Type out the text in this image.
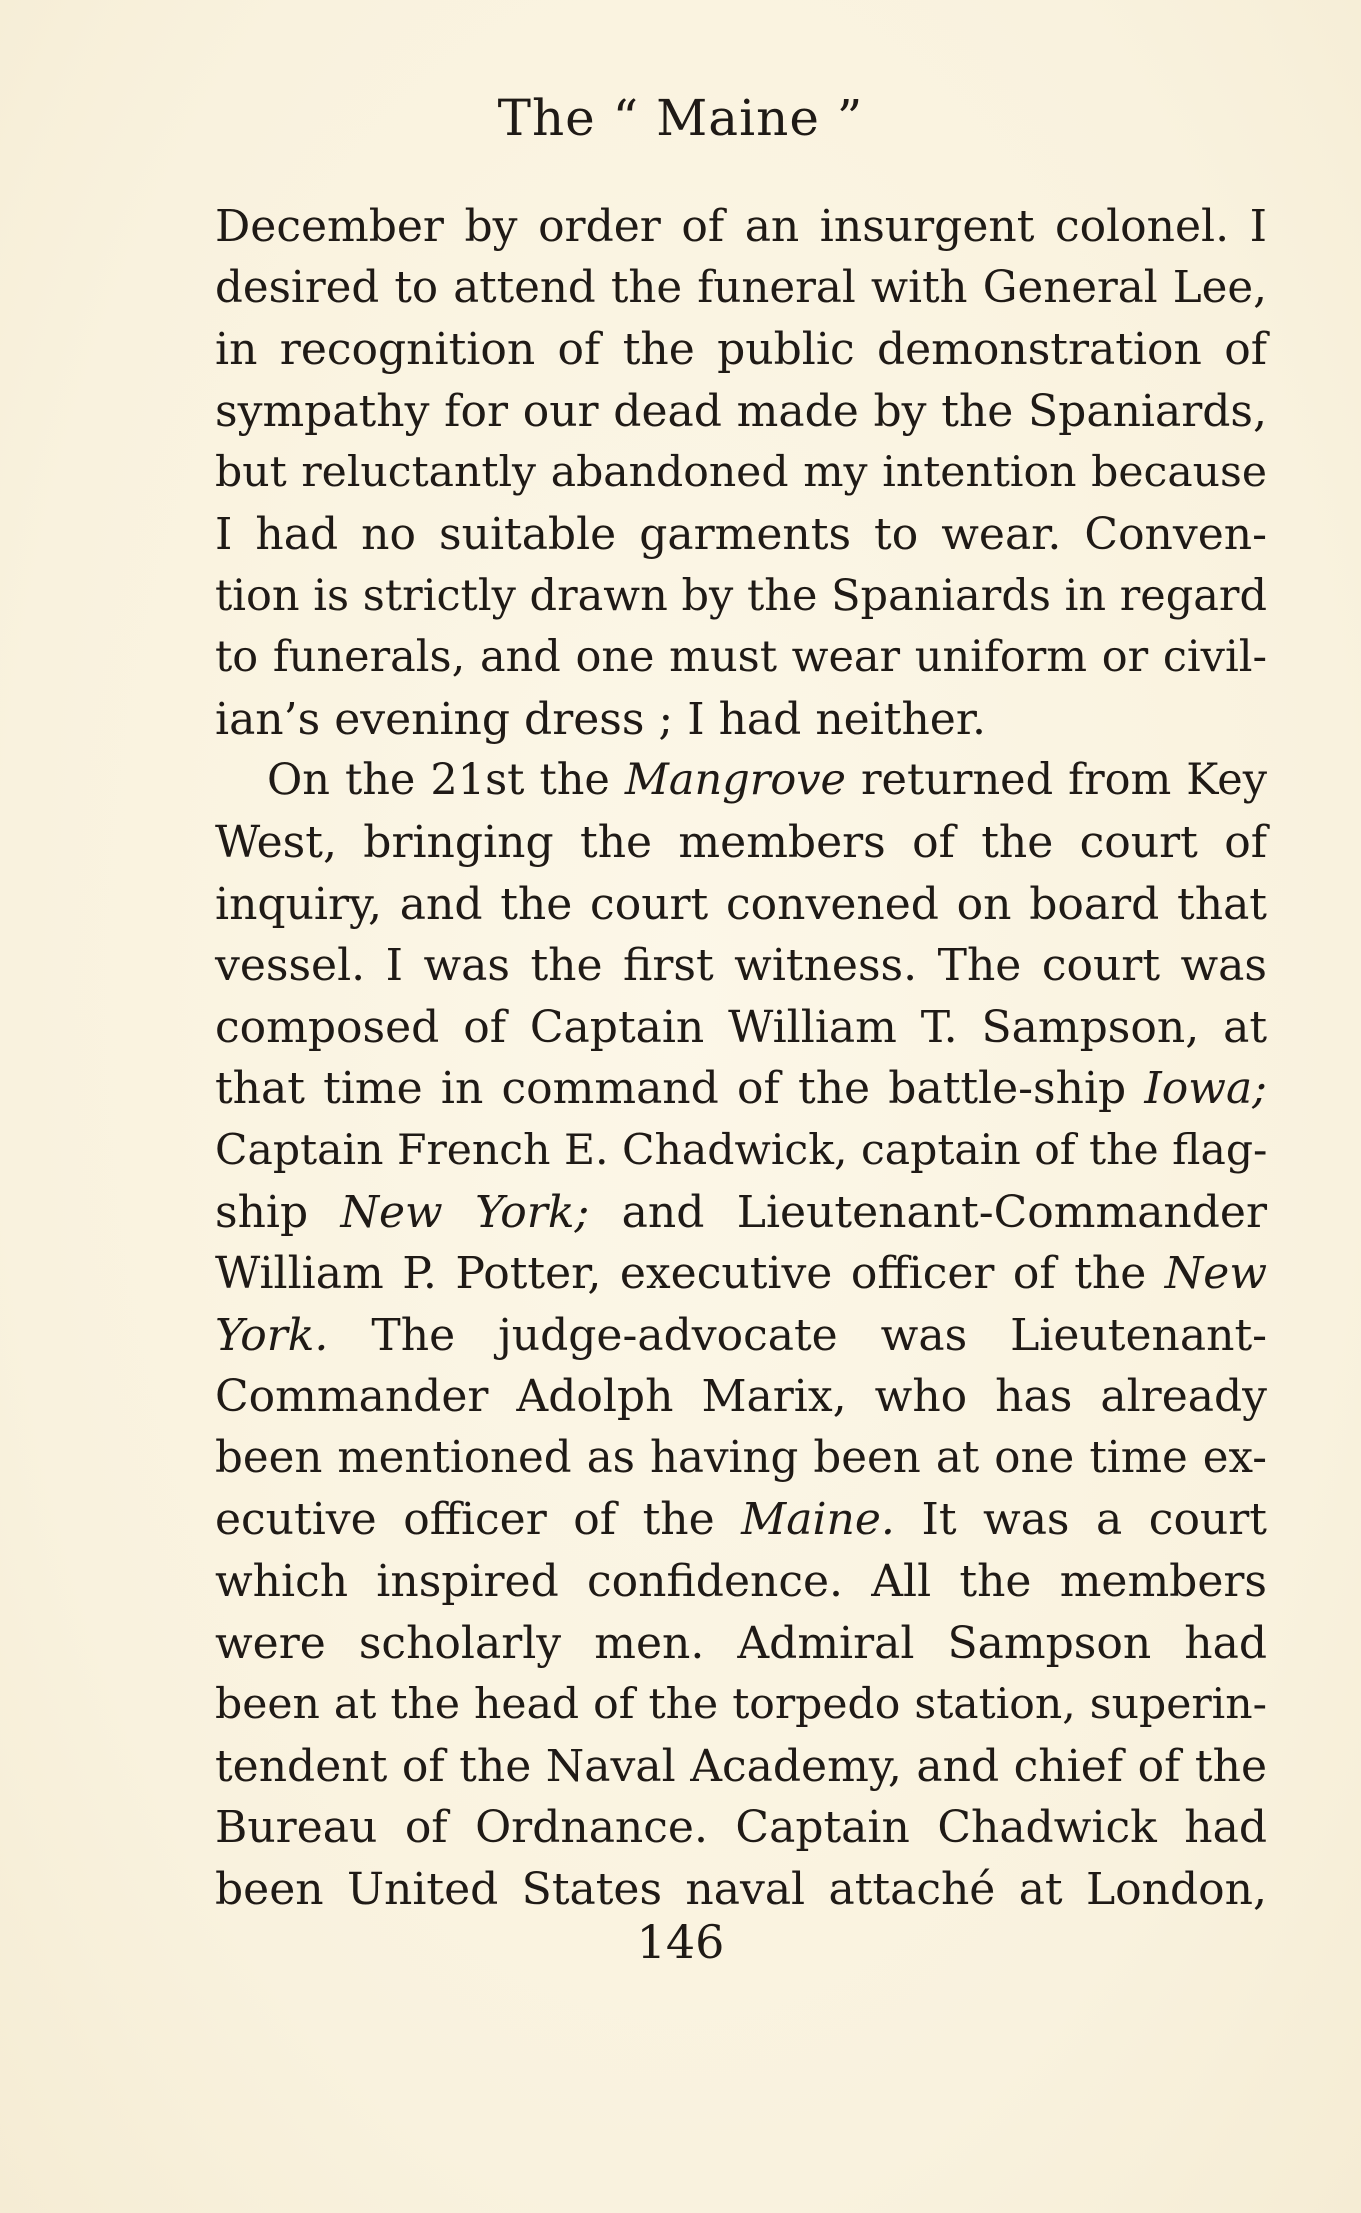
The “ Maine ”
December by order of an insurgent colonel. I
desired to attend the funeral with General Lee,
in recognition of the public demonstration of
sympathy for our dead made by the Spaniards,
but reluctantly abandoned my intention because
I had no suitable garments to wear. Conven-
tion is strictly drawn by the Spaniards in regard
to funerals, and one must wear uniform or civil-
ian’s evening dress ; I had neither.
On the 21st the Mangrove returned from Key
West, bringing the members of the court of
inquiry, and the court convened on board that
vessel. I was the first witness. The court was
composed of Captain William T. Sampson, at
that time in command of the battle-ship Iowa;
Captain French E. Chadwick, captain of the flag-
ship New York; and Lieutenant-Commander
William P. Potter, executive officer of the New
York. The judge-advocate was Lieutenant-
Commander Adolph Marix, who has already
been mentioned as having been at one time ex-
ecutive officer of the Maine. It was a court
which inspired confidence. All the members
were scholarly men. Admiral Sampson had
been at the head of the torpedo station, superin-
tendent of the Naval Academy, and chief of the
Bureau of Ordnance. Captain Chadwick had
been United States naval attaché at London,
146
